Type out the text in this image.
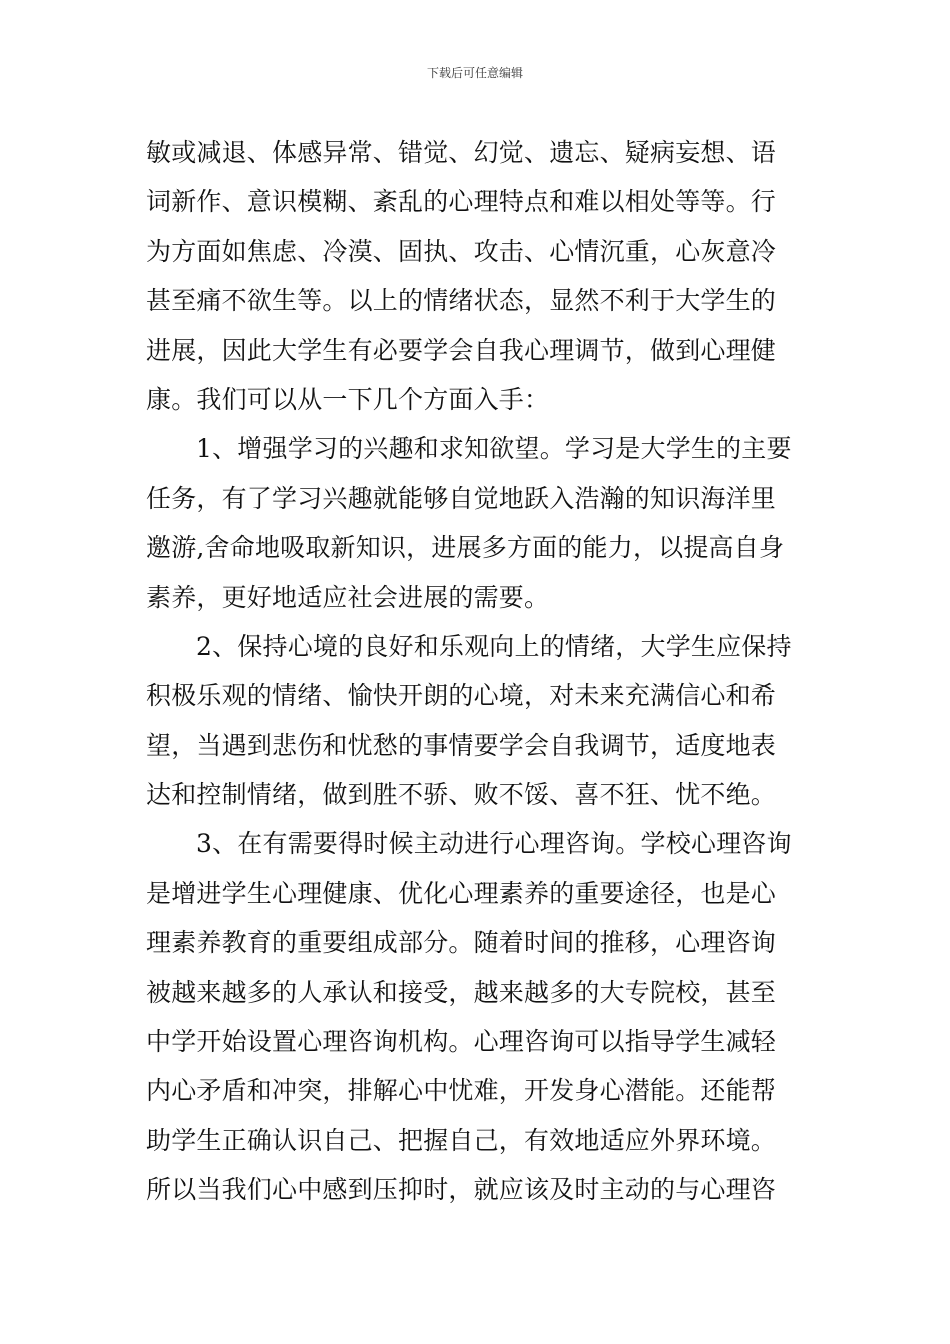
下载后可任意编辑
敏或减退、体感异常、错觉、幻觉、遗忘、疑病妄想、语
词新作、意识模糊、紊乱的心理特点和难以相处等等。行
为方面如焦虑、冷漠、固执、攻击、心情沉重，心灰意冷
甚至痛不欲生等。以上的情绪状态，显然不利于大学生的
进展，因此大学生有必要学会自我心理调节，做到心理健
康。我们可以从一下几个方面入手：
1、增强学习的兴趣和求知欲望。学习是大学生的主要
任务，有了学习兴趣就能够自觉地跃入浩瀚的知识海洋里
邀游,舍命地吸取新知识，进展多方面的能力，以提高自身
素养，更好地适应社会进展的需要。
2、保持心境的良好和乐观向上的情绪，大学生应保持
积极乐观的情绪、愉快开朗的心境，对未来充满信心和希
望，当遇到悲伤和忧愁的事情要学会自我调节，适度地表
达和控制情绪，做到胜不骄、败不馁、喜不狂、忧不绝。
3、在有需要得时候主动进行心理咨询。学校心理咨询
是增进学生心理健康、优化心理素养的重要途径，也是心
理素养教育的重要组成部分。随着时间的推移，心理咨询
被越来越多的人承认和接受，越来越多的大专院校，甚至
中学开始设置心理咨询机构。心理咨询可以指导学生减轻
内心矛盾和冲突，排解心中忧难，开发身心潜能。还能帮
助学生正确认识自己、把握自己，有效地适应外界环境。
所以当我们心中感到压抑时，就应该及时主动的与心理咨
